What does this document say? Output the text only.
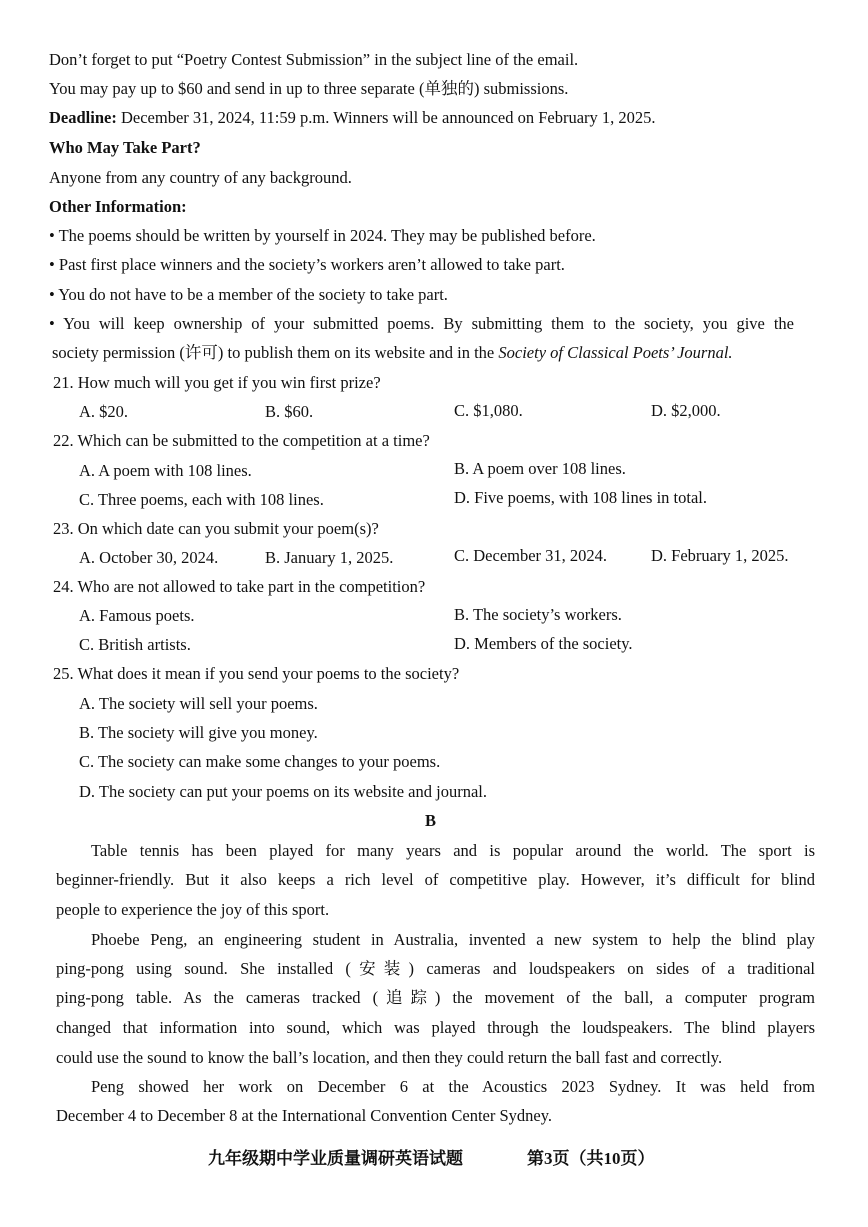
Don’t forget to put “Poetry Contest Submission” in the subject line of the email.
You may pay up to $60 and send in up to three separate (单独的) submissions.
Deadline: December 31, 2024, 11:59 p.m. Winners will be announced on February 1, 2025.
Who May Take Part?
Anyone from any country of any background.
Other Information:
• The poems should be written by yourself in 2024. They may be published before.
• Past first place winners and the society’s workers aren’t allowed to take part.
• You do not have to be a member of the society to take part.
• You will keep ownership of your submitted poems. By submitting them to the society, you give the
society permission (许可) to publish them on its website and in the Society of Classical Poets’ Journal.
21. How much will you get if you win first prize?
A. $20.	B. $60.	C. $1,080.	D. $2,000.
22. Which can be submitted to the competition at a time?
A. A poem with 108 lines.	B. A poem over 108 lines.
C. Three poems, each with 108 lines.	D. Five poems, with 108 lines in total.
23. On which date can you submit your poem(s)?
A. October 30, 2024.	B. January 1, 2025.	C. December 31, 2024.	D. February 1, 2025.
24. Who are not allowed to take part in the competition?
A. Famous poets.	B. The society’s workers.
C. British artists.	D. Members of the society.
25. What does it mean if you send your poems to the society?
A. The society will sell your poems.
B. The society will give you money.
C. The society can make some changes to your poems.
D. The society can put your poems on its website and journal.
B
Table tennis has been played for many years and is popular around the world. The sport is
beginner-friendly. But it also keeps a rich level of competitive play. However, it’s difficult for blind
people to experience the joy of this sport.
Phoebe Peng, an engineering student in Australia, invented a new system to help the blind play
ping-pong using sound. She installed (安装) cameras and loudspeakers on sides of a traditional
ping-pong table. As the cameras tracked (追踪) the movement of the ball, a computer program
changed that information into sound, which was played through the loudspeakers. The blind players
could use the sound to know the ball’s location, and then they could return the ball fast and correctly.
Peng showed her work on December 6 at the Acoustics 2023 Sydney. It was held from
December 4 to December 8 at the International Convention Center Sydney.
九年级期中学业质量调研英语试题	第3页（共10页）
